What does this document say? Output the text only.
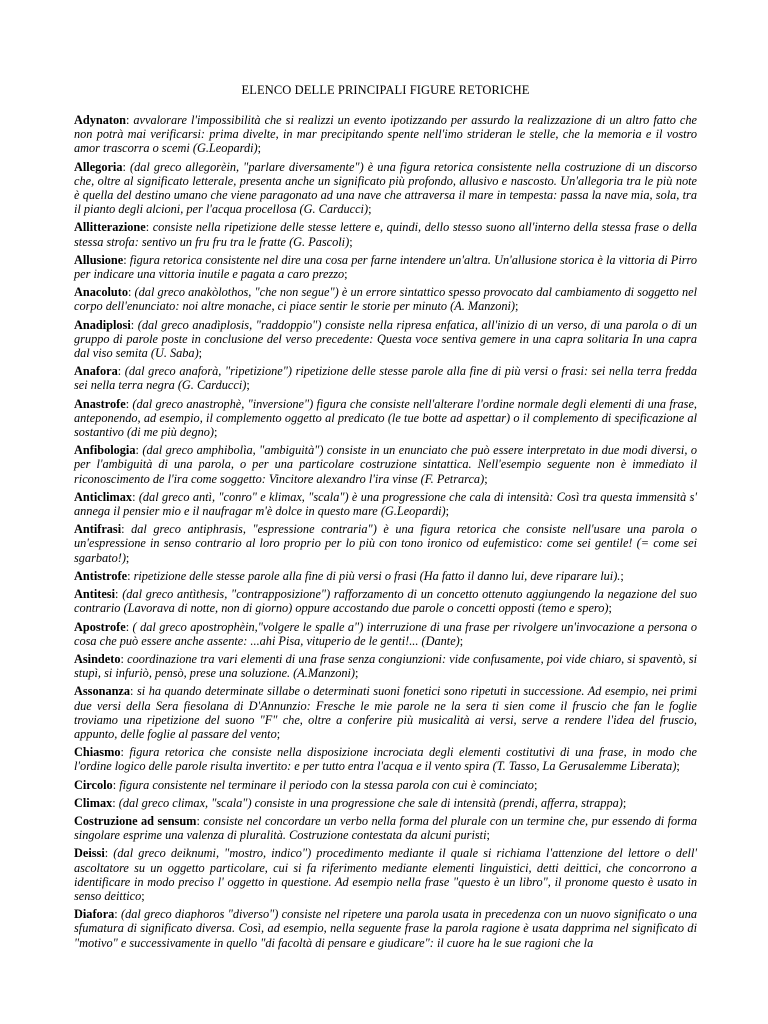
ELENCO DELLE PRINCIPALI FIGURE RETORICHE
Adynaton: avvalorare l'impossibilità che si realizzi un evento ipotizzando per assurdo la realizzazione di un altro fatto che non potrà mai verificarsi: prima divelte, in mar precipitando spente nell'imo strideran le stelle, che la memoria e il vostro amor trascorra o scemi (G.Leopardi);
Allegoria: (dal greco allegorèin, "parlare diversamente") è una figura retorica consistente nella costruzione di un discorso che, oltre al significato letterale, presenta anche un significato più profondo, allusivo e nascosto. Un'allegoria tra le più note è quella del destino umano che viene paragonato ad una nave che attraversa il mare in tempesta: passa la nave mia, sola, tra il pianto degli alcioni, per l'acqua procellosa (G. Carducci);
Allitterazione: consiste nella ripetizione delle stesse lettere e, quindi, dello stesso suono all'interno della stessa frase o della stessa strofa: sentivo un fru fru tra le fratte (G. Pascoli);
Allusione: figura retorica consistente nel dire una cosa per farne intendere un'altra. Un'allusione storica è la vittoria di Pirro per indicare una vittoria inutile e pagata a caro prezzo;
Anacoluto: (dal greco anakòlothos, "che non segue") è un errore sintattico spesso provocato dal cambiamento di soggetto nel corpo dell'enunciato: noi altre monache, ci piace sentir le storie per minuto (A. Manzoni);
Anadiplosi: (dal greco anadìplosis, "raddoppio") consiste nella ripresa enfatica, all'inizio di un verso, di una parola o di un gruppo di parole poste in conclusione del verso precedente: Questa voce sentiva gemere in una capra solitaria In una capra dal viso semita (U. Saba);
Anafora: (dal greco anaforà, "ripetizione") ripetizione delle stesse parole alla fine di più versi o frasi: sei nella terra fredda sei nella terra negra (G. Carducci);
Anastrofe: (dal greco anastrophè, "inversione") figura che consiste nell'alterare l'ordine normale degli elementi di una frase, anteponendo, ad esempio, il complemento oggetto al predicato (le tue botte ad aspettar) o il complemento di specificazione al sostantivo (di me più degno);
Anfibologia: (dal greco amphibolìa, "ambiguità") consiste in un enunciato che può essere interpretato in due modi diversi, o per l'ambiguità di una parola, o per una particolare costruzione sintattica. Nell'esempio seguente non è immediato il riconoscimento de l'ira come soggetto: Vincitore alexandro l'ira vinse (F. Petrarca);
Anticlimax: (dal greco antì, "conro" e klimax, "scala") è una progressione che cala di intensità: Così tra questa immensità s' annega il pensier mio e il naufragar m'è dolce in questo mare (G.Leopardi);
Antifrasi: dal greco antiphrasis, "espressione contraria") è una figura retorica che consiste nell'usare una parola o un'espressione in senso contrario al loro proprio per lo più con tono ironico od eufemistico: come sei gentile! (= come sei sgarbato!);
Antistrofe: ripetizione delle stesse parole alla fine di più versi o frasi (Ha fatto il danno lui, deve riparare lui).;
Antitesi: (dal greco antìthesis, "contrapposizione") rafforzamento di un concetto ottenuto aggiungendo la negazione del suo contrario (Lavorava di notte, non di giorno) oppure accostando due parole o concetti opposti (temo e spero);
Apostrofe: ( dal greco apostrophèin,"volgere le spalle a") interruzione di una frase per rivolgere un'invocazione a persona o cosa che può essere anche assente: ...ahi Pisa, vituperio de le genti!... (Dante);
Asindeto: coordinazione tra vari elementi di una frase senza congiunzioni: vide confusamente, poi vide chiaro, si spaventò, si stupì, si infuriò, pensò, prese una soluzione. (A.Manzoni);
Assonanza: si ha quando determinate sillabe o determinati suoni fonetici sono ripetuti in successione. Ad esempio, nei primi due versi della Sera fiesolana di D'Annunzio: Fresche le mie parole ne la sera ti sien come il fruscio che fan le foglie troviamo una ripetizione del suono "F" che, oltre a conferire più musicalità ai versi, serve a rendere l'idea del fruscio, appunto, delle foglie al passare del vento;
Chiasmo: figura retorica che consiste nella disposizione incrociata degli elementi costitutivi di una frase, in modo che l'ordine logico delle parole risulta invertito: e per tutto entra l'acqua e il vento spira (T. Tasso, La Gerusalemme Liberata);
Circolo: figura consistente nel terminare il periodo con la stessa parola con cui è cominciato;
Climax: (dal greco climax, "scala") consiste in una progressione che sale di intensità (prendi, afferra, strappa);
Costruzione ad sensum: consiste nel concordare un verbo nella forma del plurale con un termine che, pur essendo di forma singolare esprime una valenza di pluralità. Costruzione contestata da alcuni puristi;
Deissi: (dal greco deiknumi, "mostro, indico") procedimento mediante il quale si richiama l'attenzione del lettore o dell' ascoltatore su un oggetto particolare, cui si fa riferimento mediante elementi linguistici, detti deittici, che concorrono a identificare in modo preciso l' oggetto in questione. Ad esempio nella frase "questo è un libro", il pronome questo è usato in senso deittico;
Diafora: (dal greco diaphoros "diverso") consiste nel ripetere una parola usata in precedenza con un nuovo significato o una sfumatura di significato diversa. Così, ad esempio, nella seguente frase la parola ragione è usata dapprima nel significato di "motivo" e successivamente in quello "di facoltà di pensare e giudicare": il cuore ha le sue ragioni che la
